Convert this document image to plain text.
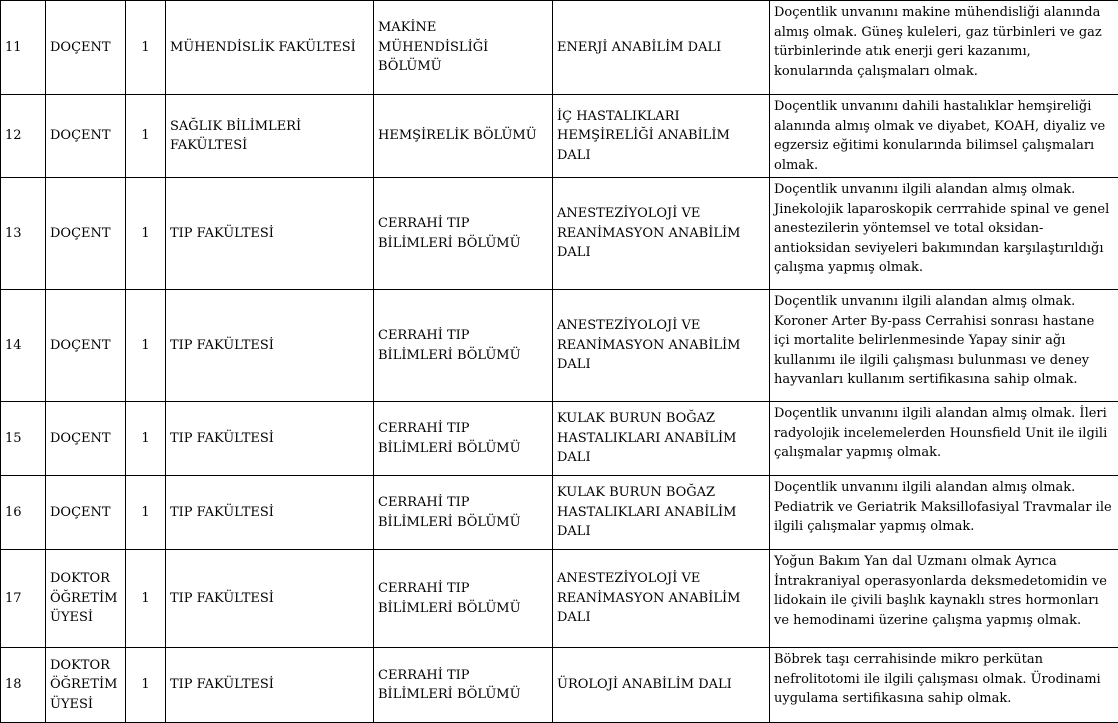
11	DOÇENT	1	MÜHENDİSLİK FAKÜLTESİ	MAKİNE MÜHENDİSLİĞİ BÖLÜMÜ	ENERJİ ANABİLİM DALI	Doçentlik unvanını makine mühendisliği alanında almış olmak. Güneş kuleleri, gaz türbinleri ve gaz türbinlerinde atık enerji geri kazanımı, konularında çalışmaları olmak.
12	DOÇENT	1	SAĞLIK BİLİMLERİ FAKÜLTESİ	HEMŞİRELİK BÖLÜMÜ	İÇ HASTALIKLARI HEMŞİRELİĞİ ANABİLİM DALI	Doçentlik unvanını dahili hastalıklar hemşireliği alanında almış olmak ve diyabet, KOAH, diyaliz ve egzersiz eğitimi konularında bilimsel çalışmaları olmak.
13	DOÇENT	1	TIP FAKÜLTESİ	CERRAHİ TIP BİLİMLERİ BÖLÜMÜ	ANESTEZİYOLOJİ VE REANİMASYON ANABİLİM DALI	Doçentlik unvanını ilgili alandan almış olmak. Jinekolojik laparoskopik cerrrahide spinal ve genel anestezilerin yöntemsel ve total oksidan-antioksidan seviyeleri bakımından karşılaştırıldığı çalışma yapmış olmak.
14	DOÇENT	1	TIP FAKÜLTESİ	CERRAHİ TIP BİLİMLERİ BÖLÜMÜ	ANESTEZİYOLOJİ VE REANİMASYON ANABİLİM DALI	Doçentlik unvanını ilgili alandan almış olmak. Koroner Arter By-pass Cerrahisi sonrası hastane içi mortalite belirlenmesinde Yapay sinir ağı kullanımı ile ilgili çalışması bulunması ve deney hayvanları kullanım sertifikasına sahip olmak.
15	DOÇENT	1	TIP FAKÜLTESİ	CERRAHİ TIP BİLİMLERİ BÖLÜMÜ	KULAK BURUN BOĞAZ HASTALIKLARI ANABİLİM DALI	Doçentlik unvanını ilgili alandan almış olmak. İleri radyolojik incelemelerden Hounsfield Unit ile ilgili çalışmalar yapmış olmak.
16	DOÇENT	1	TIP FAKÜLTESİ	CERRAHİ TIP BİLİMLERİ BÖLÜMÜ	KULAK BURUN BOĞAZ HASTALIKLARI ANABİLİM DALI	Doçentlik unvanını ilgili alandan almış olmak. Pediatrik ve Geriatrik Maksillofasiyal Travmalar ile ilgili çalışmalar yapmış olmak.
17	DOKTOR ÖĞRETİM ÜYESİ	1	TIP FAKÜLTESİ	CERRAHİ TIP BİLİMLERİ BÖLÜMÜ	ANESTEZİYOLOJİ VE REANİMASYON ANABİLİM DALI	Yoğun Bakım Yan dal Uzmanı olmak Ayrıca İntrakraniyal operasyonlarda deksmedetomidin ve lidokain ile çivili başlık kaynaklı stres hormonları ve hemodinami üzerine çalışma yapmış olmak.
18	DOKTOR ÖĞRETİM ÜYESİ	1	TIP FAKÜLTESİ	CERRAHİ TIP BİLİMLERİ BÖLÜMÜ	ÜROLOJİ ANABİLİM DALI	Böbrek taşı cerrahisinde mikro perkütan nefrolitotomi ile ilgili çalışması olmak. Ürodinami uygulama sertifikasına sahip olmak.
